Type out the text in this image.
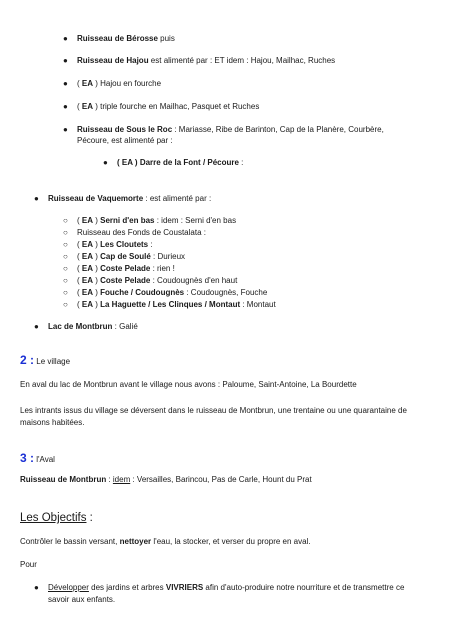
● Ruisseau de Bérosse puis
● Ruisseau de Hajou est alimenté par : ET idem : Hajou, Mailhac, Ruches
● ( EA ) Hajou en fourche
● ( EA ) triple fourche en Mailhac, Pasquet et Ruches
● Ruisseau de Sous le Roc : Mariasse, Ribe de Barinton, Cap de la Planère, Courbère,
Pécoure, est alimenté par :
● ( EA ) Darre de la Font / Pécoure :
● Ruisseau de Vaquemorte : est alimenté par :
○ ( EA ) Serni d'en bas : idem : Serni d'en bas
○ Ruisseau des Fonds de Coustalata :
○ ( EA ) Les Cloutets :
○ ( EA ) Cap de Soulé : Durieux
○ ( EA ) Coste Pelade : rien !
○ ( EA ) Coste Pelade : Coudougnès d'en haut
○ ( EA ) Fouche / Coudougnès : Coudougnès, Fouche
○ ( EA ) La Haguette / Les Clinques / Montaut : Montaut
● Lac de Montbrun : Galié
2 : Le village
En aval du lac de Montbrun avant le village nous avons : Paloume, Saint-Antoine, La Bourdette
Les intrants issus du village se déversent dans le ruisseau de Montbrun, une trentaine ou une quarantaine de maisons habitées.
3 : l'Aval
Ruisseau de Montbrun : idem : Versailles, Barincou, Pas de Carle, Hount du Prat
Les Objectifs :
Contrôler le bassin versant, nettoyer l'eau, la stocker, et verser du propre en aval.
Pour
● Développer des jardins et arbres VIVRIERS afin d'auto-produire notre nourriture et de transmettre ce
savoir aux enfants.
